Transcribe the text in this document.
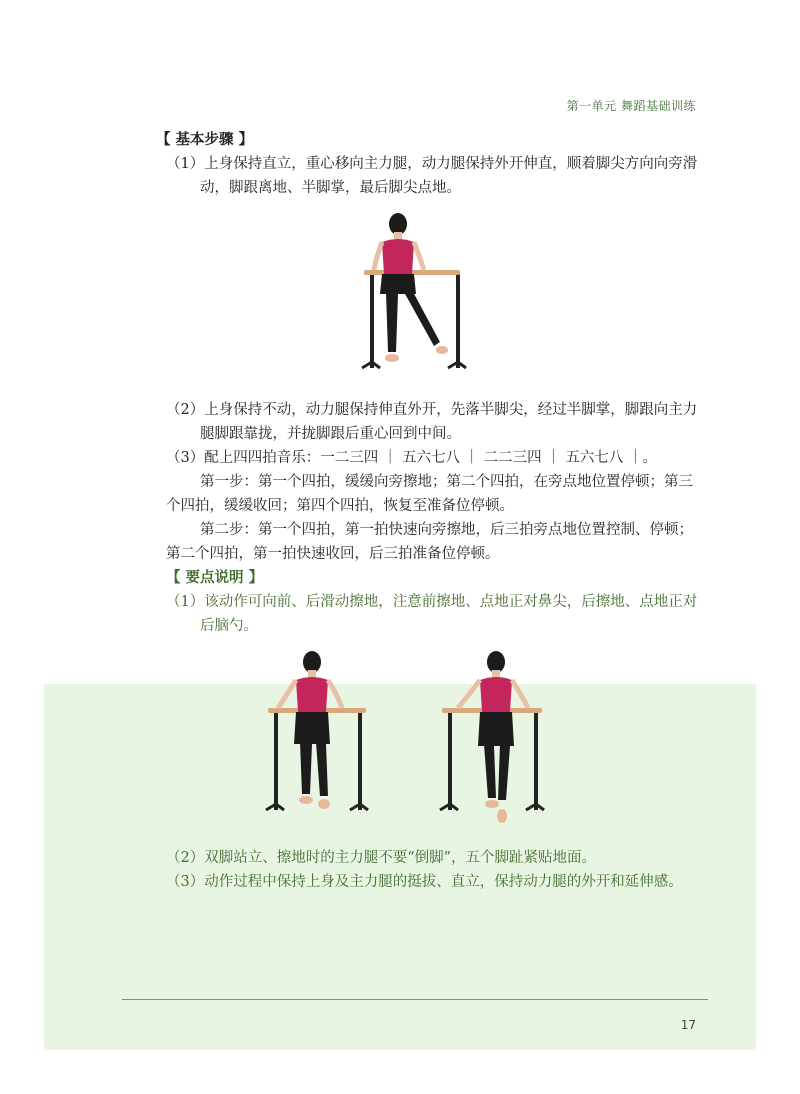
第一单元 舞蹈基础训练
【 基本步骤 】
（1）上身保持直立，重心移向主力腿，动力腿保持外开伸直，顺着脚尖方向向旁滑
动，脚跟离地、半脚掌，最后脚尖点地。
（2）上身保持不动，动力腿保持伸直外开，先落半脚尖，经过半脚掌，脚跟向主力
腿脚跟靠拢，并拢脚跟后重心回到中间。
（3）配上四四拍音乐：一二三四 ｜ 五六七八 ｜ 二二三四 ｜ 五六七八 ｜。
第一步：第一个四拍，缓缓向旁擦地；第二个四拍，在旁点地位置停顿；第三
个四拍，缓缓收回；第四个四拍，恢复至准备位停顿。
第二步：第一个四拍，第一拍快速向旁擦地，后三拍旁点地位置控制、停顿；
第二个四拍，第一拍快速收回，后三拍准备位停顿。
【 要点说明 】
（1）该动作可向前、后滑动擦地，注意前擦地、点地正对鼻尖，后擦地、点地正对
后脑勺。
（2）双脚站立、擦地时的主力腿不要“倒脚”，五个脚趾紧贴地面。
（3）动作过程中保持上身及主力腿的挺拔、直立，保持动力腿的外开和延伸感。
17
